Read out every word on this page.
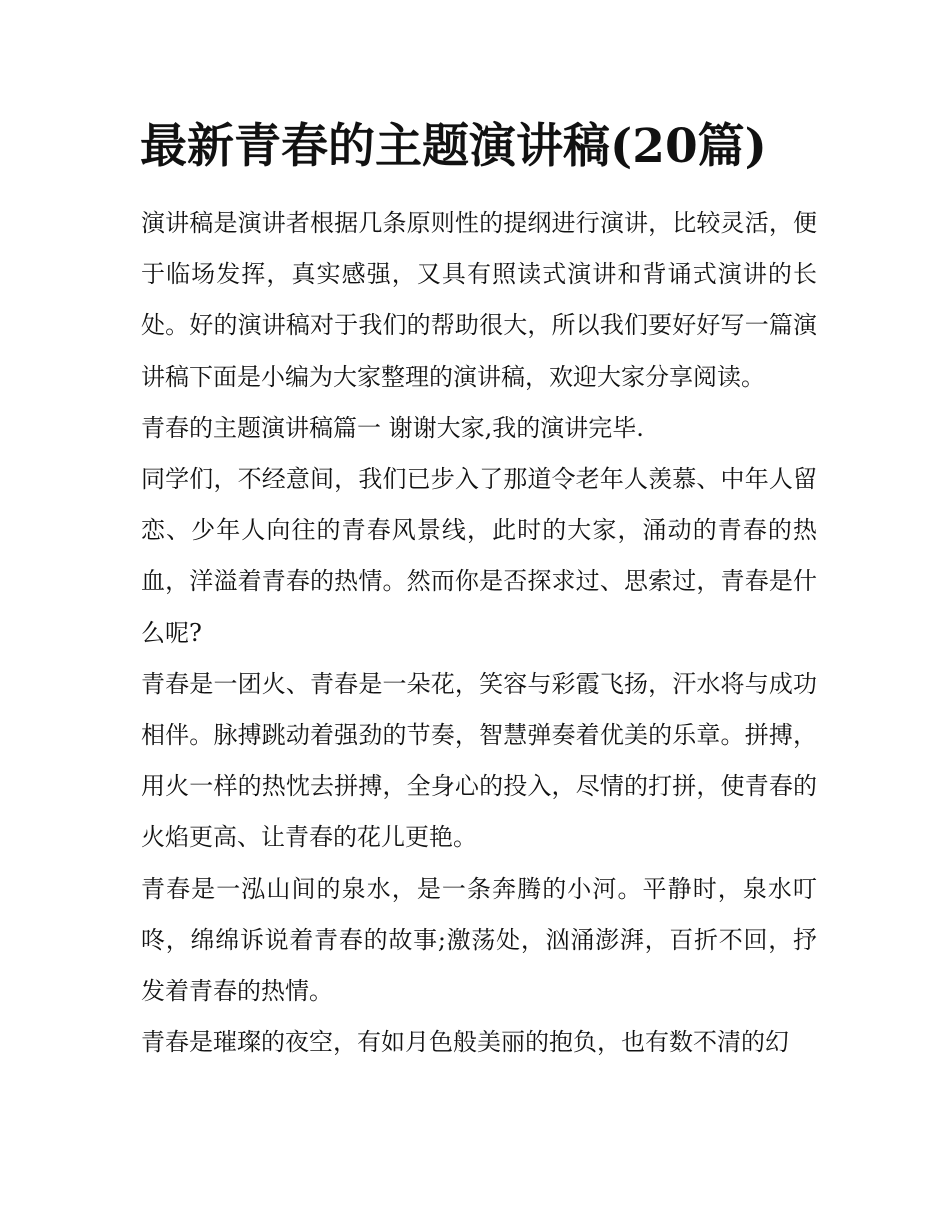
最新青春的主题演讲稿(20篇)

演讲稿是演讲者根据几条原则性的提纲进行演讲，比较灵活，便于临场发挥，真实感强，又具有照读式演讲和背诵式演讲的长处。好的演讲稿对于我们的帮助很大，所以我们要好好写一篇演讲稿下面是小编为大家整理的演讲稿，欢迎大家分享阅读。

青春的主题演讲稿篇一 谢谢大家,我的演讲完毕.

同学们，不经意间，我们已步入了那道令老年人羡慕、中年人留恋、少年人向往的青春风景线，此时的大家，涌动的青春的热血，洋溢着青春的热情。然而你是否探求过、思索过，青春是什么呢?

青春是一团火、青春是一朵花，笑容与彩霞飞扬，汗水将与成功相伴。脉搏跳动着强劲的节奏，智慧弹奏着优美的乐章。拼搏，用火一样的热忱去拼搏，全身心的投入，尽情的打拼，使青春的火焰更高、让青春的花儿更艳。

青春是一泓山间的泉水，是一条奔腾的小河。平静时，泉水叮咚，绵绵诉说着青春的故事;激荡处，汹涌澎湃，百折不回，抒发着青春的热情。

青春是璀璨的夜空，有如月色般美丽的抱负，也有数不清的幻
